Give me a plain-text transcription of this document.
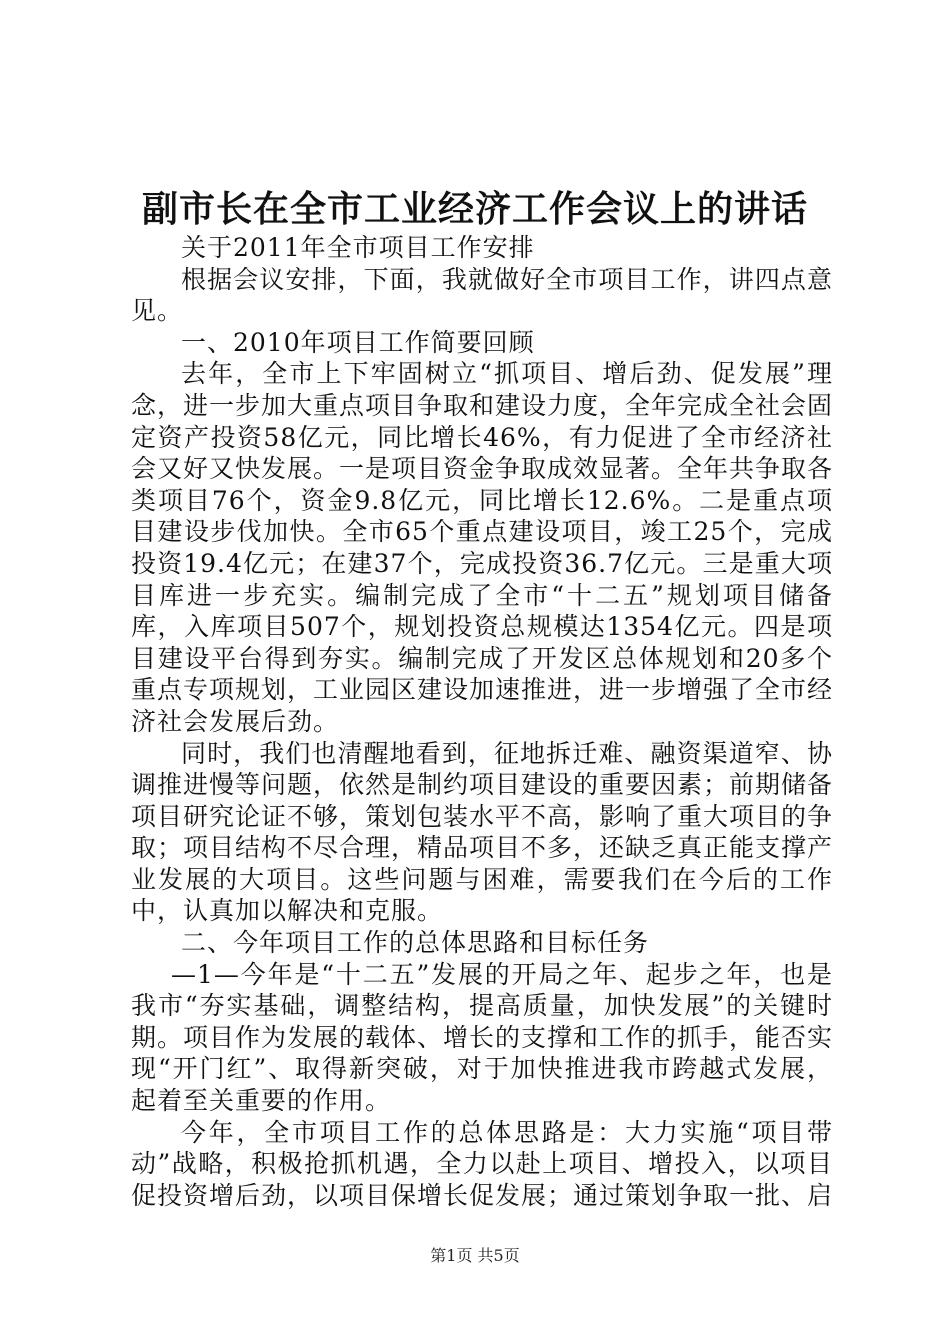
副市长在全市工业经济工作会议上的讲话

关于2011年全市项目工作安排

根据会议安排，下面，我就做好全市项目工作，讲四点意见。

一、2010年项目工作简要回顾

去年，全市上下牢固树立“抓项目、增后劲、促发展”理念，进一步加大重点项目争取和建设力度，全年完成全社会固定资产投资58亿元，同比增长46%，有力促进了全市经济社会又好又快发展。一是项目资金争取成效显著。全年共争取各类项目76个，资金9.8亿元，同比增长12.6%。二是重点项目建设步伐加快。全市65个重点建设项目，竣工25个，完成投资19.4亿元；在建37个，完成投资36.7亿元。三是重大项目库进一步充实。编制完成了全市“十二五”规划项目储备库，入库项目507个，规划投资总规模达1354亿元。四是项目建设平台得到夯实。编制完成了开发区总体规划和20多个重点专项规划，工业园区建设加速推进，进一步增强了全市经济社会发展后劲。

同时，我们也清醒地看到，征地拆迁难、融资渠道窄、协调推进慢等问题，依然是制约项目建设的重要因素；前期储备项目研究论证不够，策划包装水平不高，影响了重大项目的争取；项目结构不尽合理，精品项目不多，还缺乏真正能支撑产业发展的大项目。这些问题与困难，需要我们在今后的工作中，认真加以解决和克服。

二、今年项目工作的总体思路和目标任务

—1—今年是“十二五”发展的开局之年、起步之年，也是我市“夯实基础，调整结构，提高质量，加快发展”的关键时期。项目作为发展的载体、增长的支撑和工作的抓手，能否实现“开门红”、取得新突破，对于加快推进我市跨越式发展，起着至关重要的作用。

今年，全市项目工作的总体思路是：大力实施“项目带动”战略，积极抢抓机遇，全力以赴上项目、增投入，以项目促投资增后劲，以项目保增长促发展；通过策划争取一批、启

第1页 共5页
